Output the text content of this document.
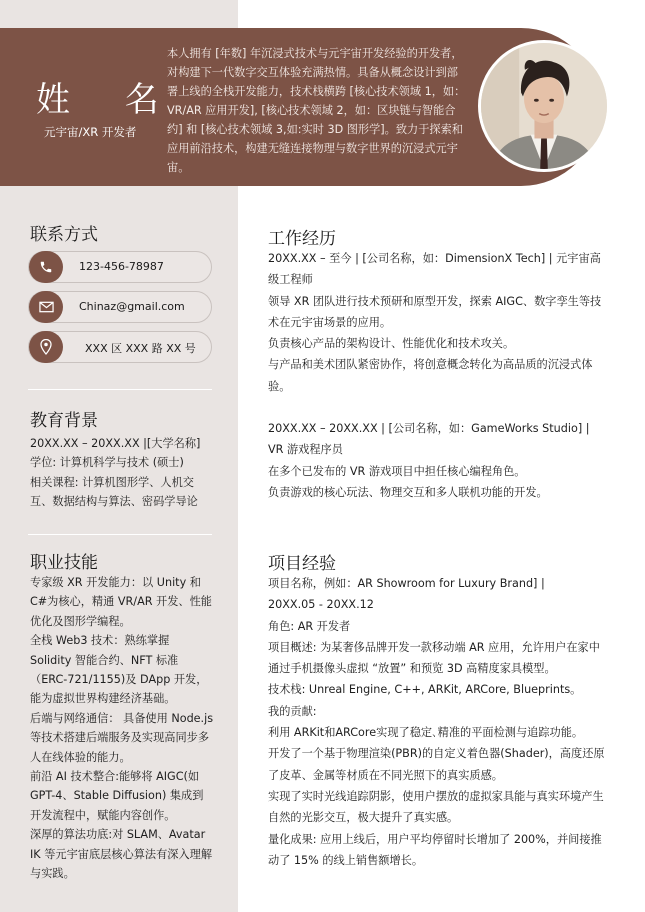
姓 名
元宇宙/XR 开发者
本人拥有 [年数] 年沉浸式技术与元宇宙开发经验的开发者，对构建下一代数字交互体验充满热情。具备从概念设计到部署上线的全栈开发能力，技术栈横跨 [核心技术领域 1，如：VR/AR 应用开发], [核心技术领域 2，如：区块链与智能合约] 和 [核心技术领域 3,如:实时 3D 图形学]。致力于探索和应用前沿技术，构建无缝连接物理与数字世界的沉浸式元宇宙。
联系方式
123-456-78987
Chinaz@gmail.com
XXX 区 XXX 路 XX 号
教育背景
20XX.XX – 20XX.XX |[大学名称]
学位: 计算机科学与技术 (硕士)
相关课程: 计算机图形学、人机交互、数据结构与算法、密码学导论
职业技能
专家级 XR 开发能力：以 Unity 和 C#为核心，精通 VR/AR 开发、性能优化及图形学编程。
全栈 Web3 技术：熟练掌握 Solidity 智能合约、NFT 标准（ERC-721/1155)及 DApp 开发，能为虚拟世界构建经济基础。
后端与网络通信： 具备使用 Node.js 等技术搭建后端服务及实现高同步多人在线体验的能力。
前沿 AI 技术整合:能够将 AIGC(如 GPT-4、Stable Diffusion) 集成到开发流程中，赋能内容创作。
深厚的算法功底:对 SLAM、Avatar IK 等元宇宙底层核心算法有深入理解与实践。
工作经历
20XX.XX – 至今 | [公司名称，如：DimensionX Tech] | 元宇宙高级工程师
领导 XR 团队进行技术预研和原型开发，探索 AIGC、数字孪生等技术在元宇宙场景的应用。
负责核心产品的架构设计、性能优化和技术攻关。
与产品和美术团队紧密协作，将创意概念转化为高品质的沉浸式体验。
20XX.XX – 20XX.XX | [公司名称，如：GameWorks Studio] | VR 游戏程序员
在多个已发布的 VR 游戏项目中担任核心编程角色。
负责游戏的核心玩法、物理交互和多人联机功能的开发。
项目经验
项目名称，例如：AR Showroom for Luxury Brand] |
20XX.05 - 20XX.12
角色: AR 开发者
项目概述: 为某奢侈品牌开发一款移动端 AR 应用，允许用户在家中通过手机摄像头虚拟 “放置” 和预览 3D 高精度家具模型。
技术栈: Unreal Engine, C++, ARKit, ARCore, Blueprints。
我的贡献:
利用 ARKit和ARCore实现了稳定､精准的平面检测与追踪功能｡
开发了一个基于物理渲染(PBR)的自定义着色器(Shader)，高度还原了皮革、金属等材质在不同光照下的真实质感。
实现了实时光线追踪阴影，使用户摆放的虚拟家具能与真实环境产生自然的光影交互，极大提升了真实感。
量化成果: 应用上线后，用户平均停留时长增加了 200%，并间接推动了 15% 的线上销售额增长。
